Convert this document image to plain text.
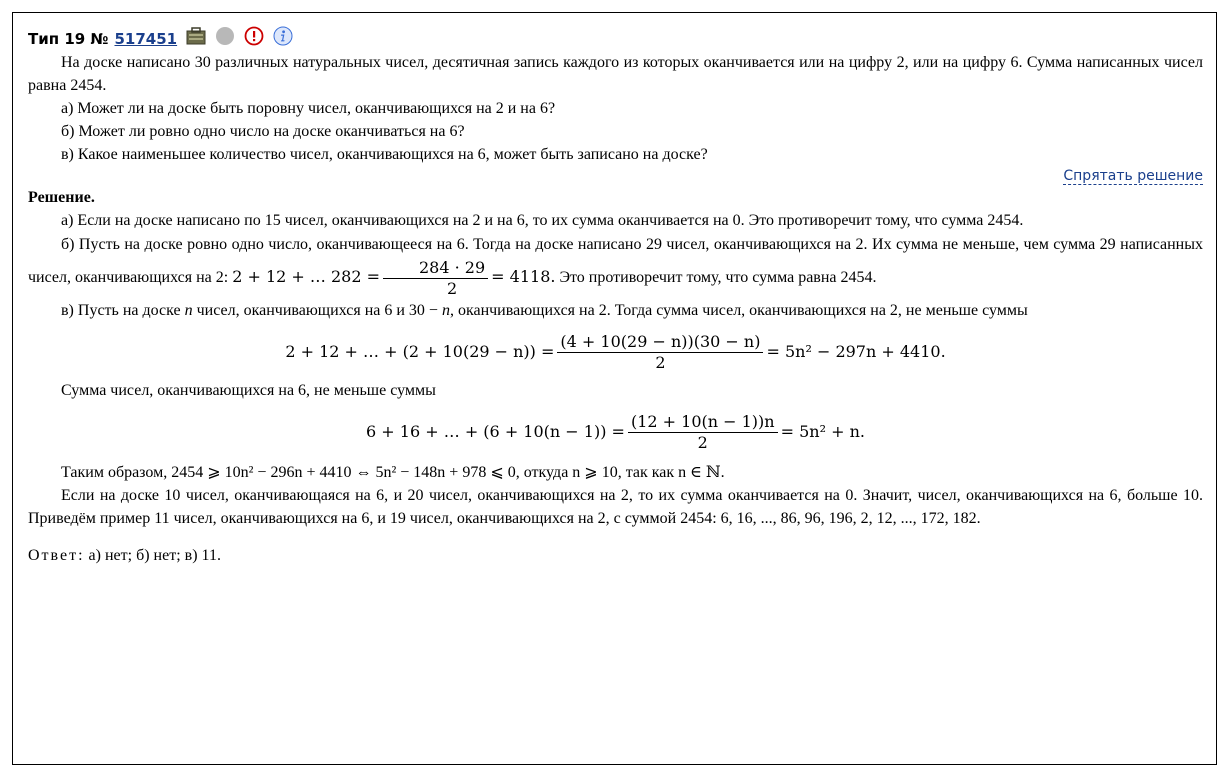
Тип 19 № 517451

На доске написано 30 различных натуральных чисел, десятичная запись каждого из которых оканчивается или на цифру 2, или на цифру 6. Сумма написанных чисел равна 2454.

а) Может ли на доске быть поровну чисел, оканчивающихся на 2 и на 6?

б) Может ли ровно одно число на доске оканчиваться на 6?

в) Какое наименьшее количество чисел, оканчивающихся на 6, может быть записано на доске?

Спрятать решение

Решение.

а) Если на доске написано по 15 чисел, оканчивающихся на 2 и на 6, то их сумма оканчивается на 0. Это противоречит тому, что сумма 2454.

б) Пусть на доске ровно одно число, оканчивающееся на 6. Тогда на доске написано 29 чисел, оканчивающихся на 2. Их сумма не меньше, чем сумма 29 написанных чисел, оканчивающихся на 2: 2 + 12 + … $282 = \frac{284 \cdot 29}{2} = 4118$. Это противоречит тому, что сумма равна 2454.

в) Пусть на доске n чисел, оканчивающихся на 6 и 30 − n, оканчивающихся на 2. Тогда сумма чисел, оканчивающихся на 2, не меньше суммы

2 + 12 + … + $(2 + 10(29 - n)) = \frac{(4 + 10(29 - n))(30 - n)}{2} = 5n^2 - 297n + 4410$.

Сумма чисел, оканчивающихся на 6, не меньше суммы

6 + 16 + … + $(6 + 10(n - 1)) = \frac{(12 + 10(n - 1))n}{2} = 5n^2 + n$.

Таким образом, 2454 ⩾ 10n² − 296n + 4410 ⇔ 5n² − 148n + 978 ⩽ 0, откуда n ⩾ 10, так как n ∈ ℕ.

Если на доске 10 чисел, оканчивающаяся на 6, и 20 чисел, оканчивающихся на 2, то их сумма оканчивается на 0. Значит, чисел, оканчивающихся на 6, больше 10. Приведём пример 11 чисел, оканчивающихся на 6, и 19 чисел, оканчивающихся на 2, с суммой 2454: 6, 16, ..., 86, 96, 196, 2, 12, ..., 172, 182.

Ответ: а) нет; б) нет; в) 11.
